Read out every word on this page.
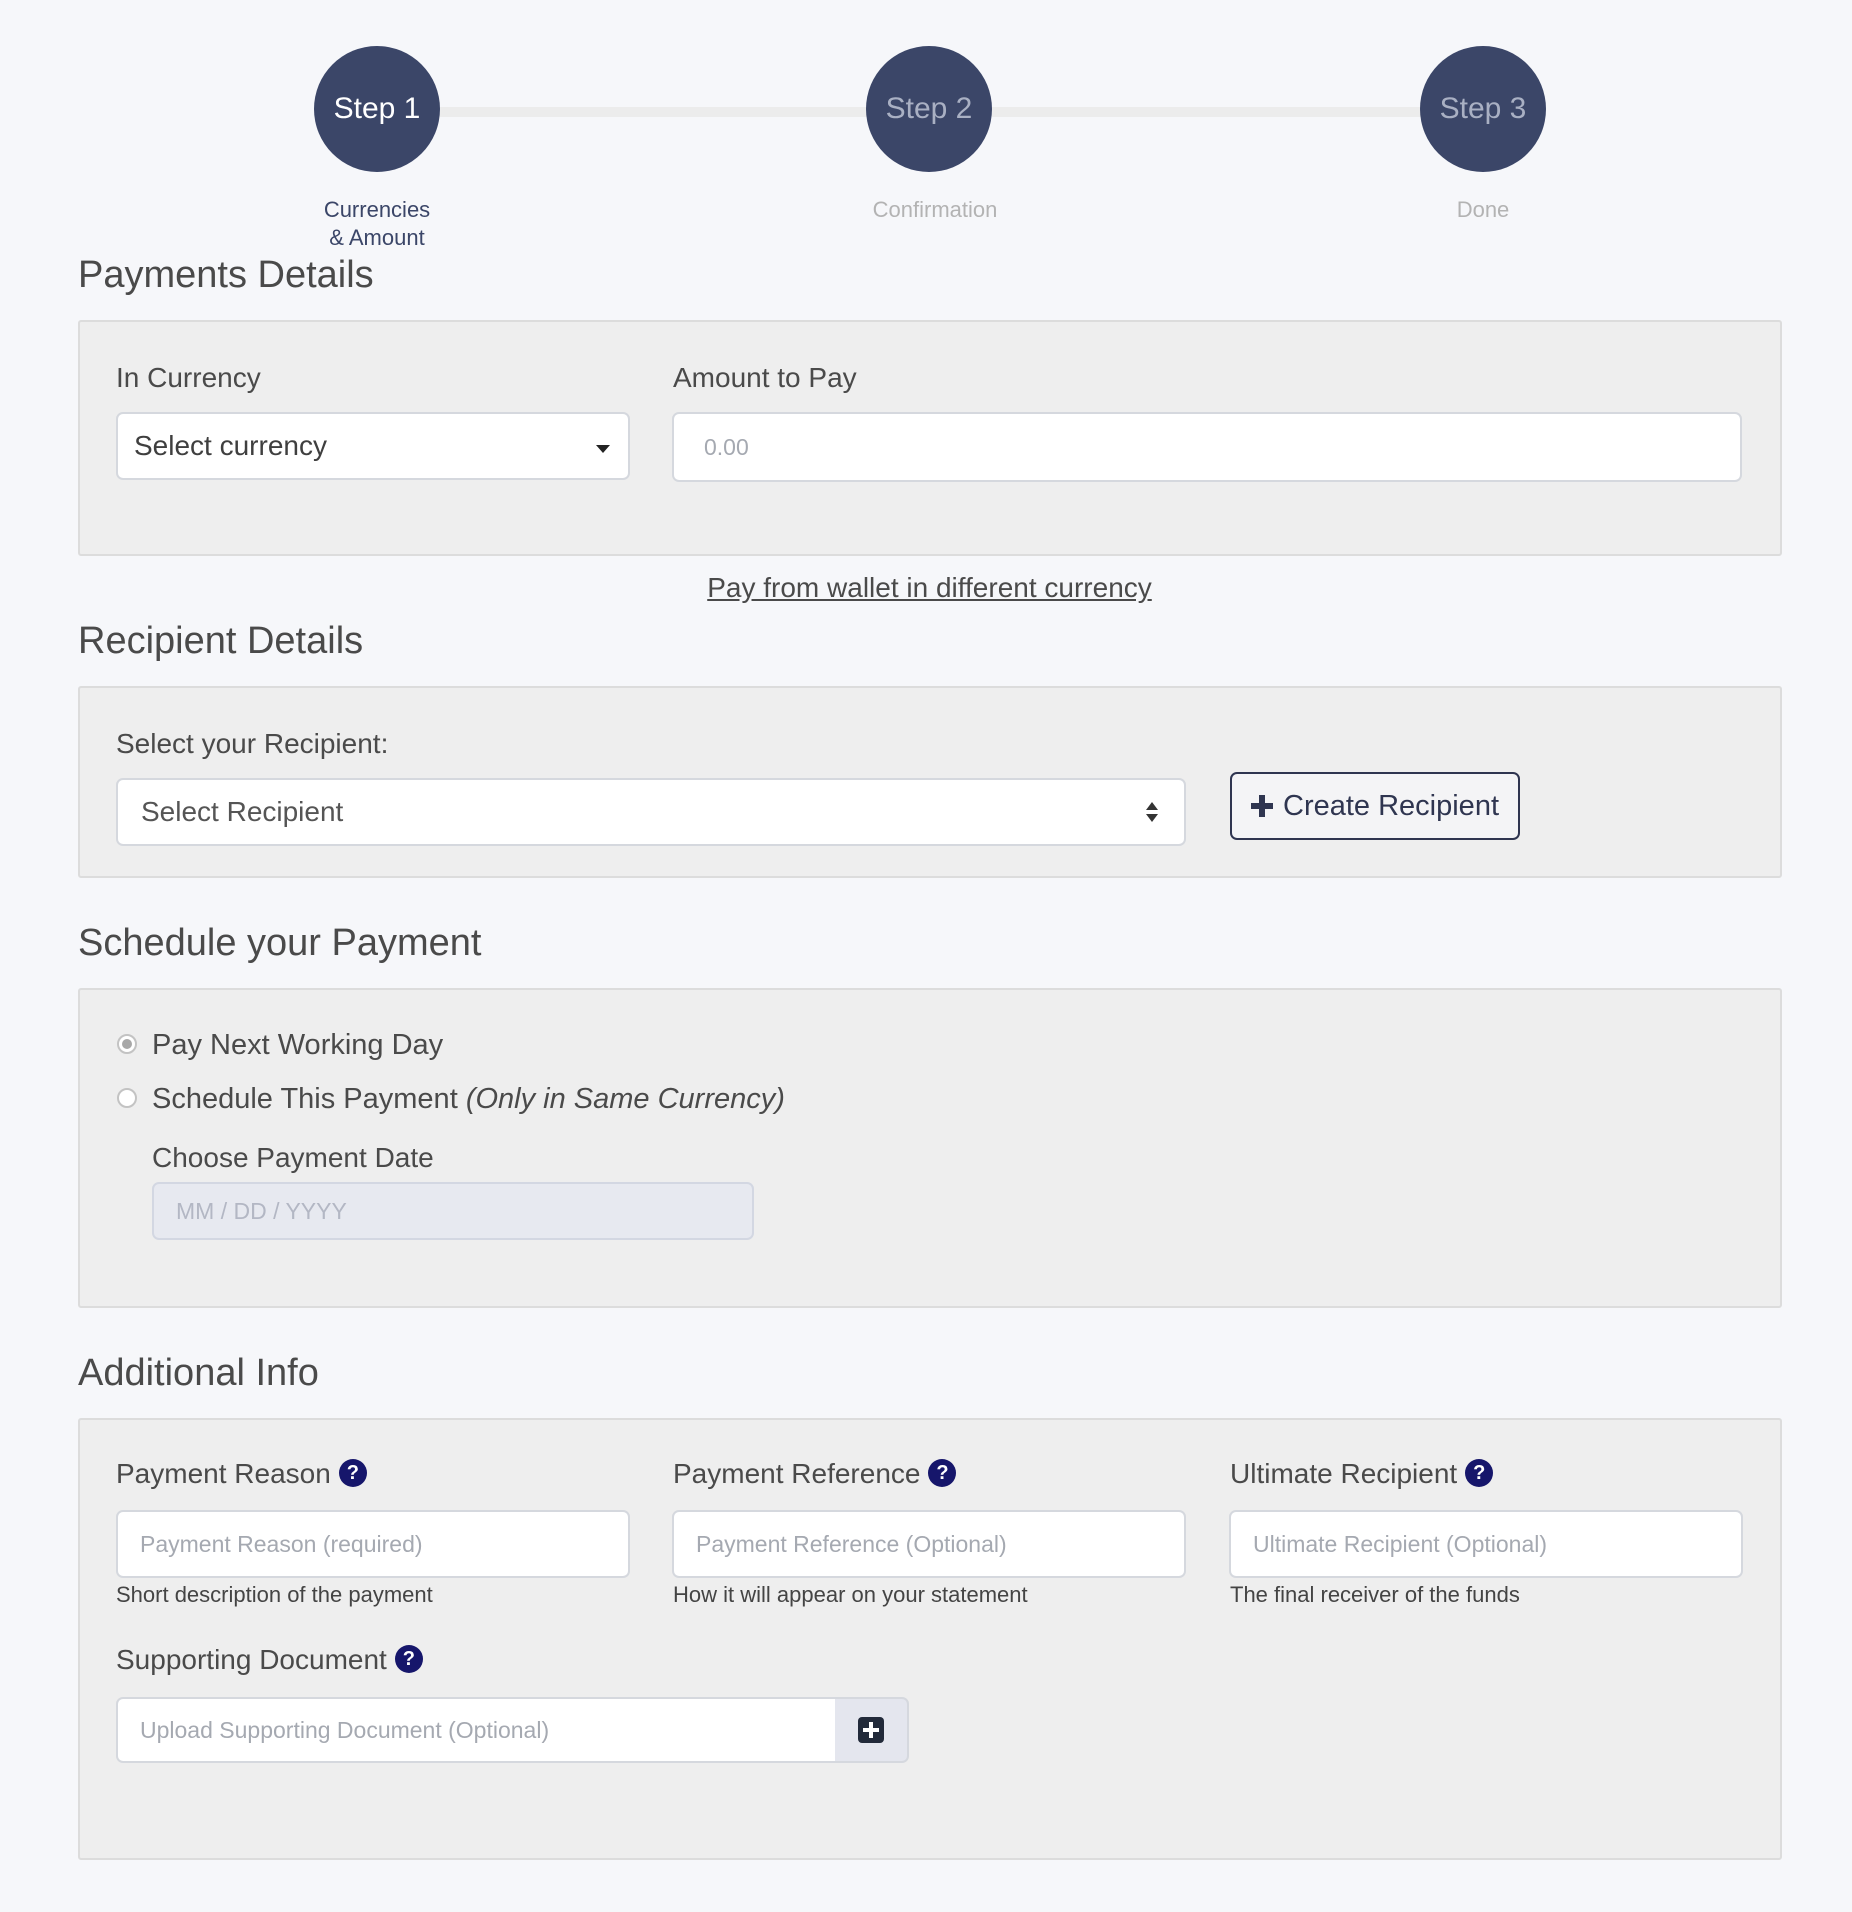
Step 1
Currencies
& Amount
Step 2
Confirmation
Step 3
Done
Payments Details
In Currency
Select currency
Amount to Pay
0.00
Pay from wallet in different currency
Recipient Details
Select your Recipient:
Select Recipient	Create Recipient
Schedule your Payment
Pay Next Working Day
Schedule This Payment (Only in Same Currency)
Choose Payment Date
MM / DD / YYYY
Additional Info
Payment Reason ?
Payment Reason (required)
Short description of the payment
Payment Reference ?
Payment Reference (Optional)
How it will appear on your statement
Ultimate Recipient ?
Ultimate Recipient (Optional)
The final receiver of the funds
Supporting Document ?
Upload Supporting Document (Optional)
